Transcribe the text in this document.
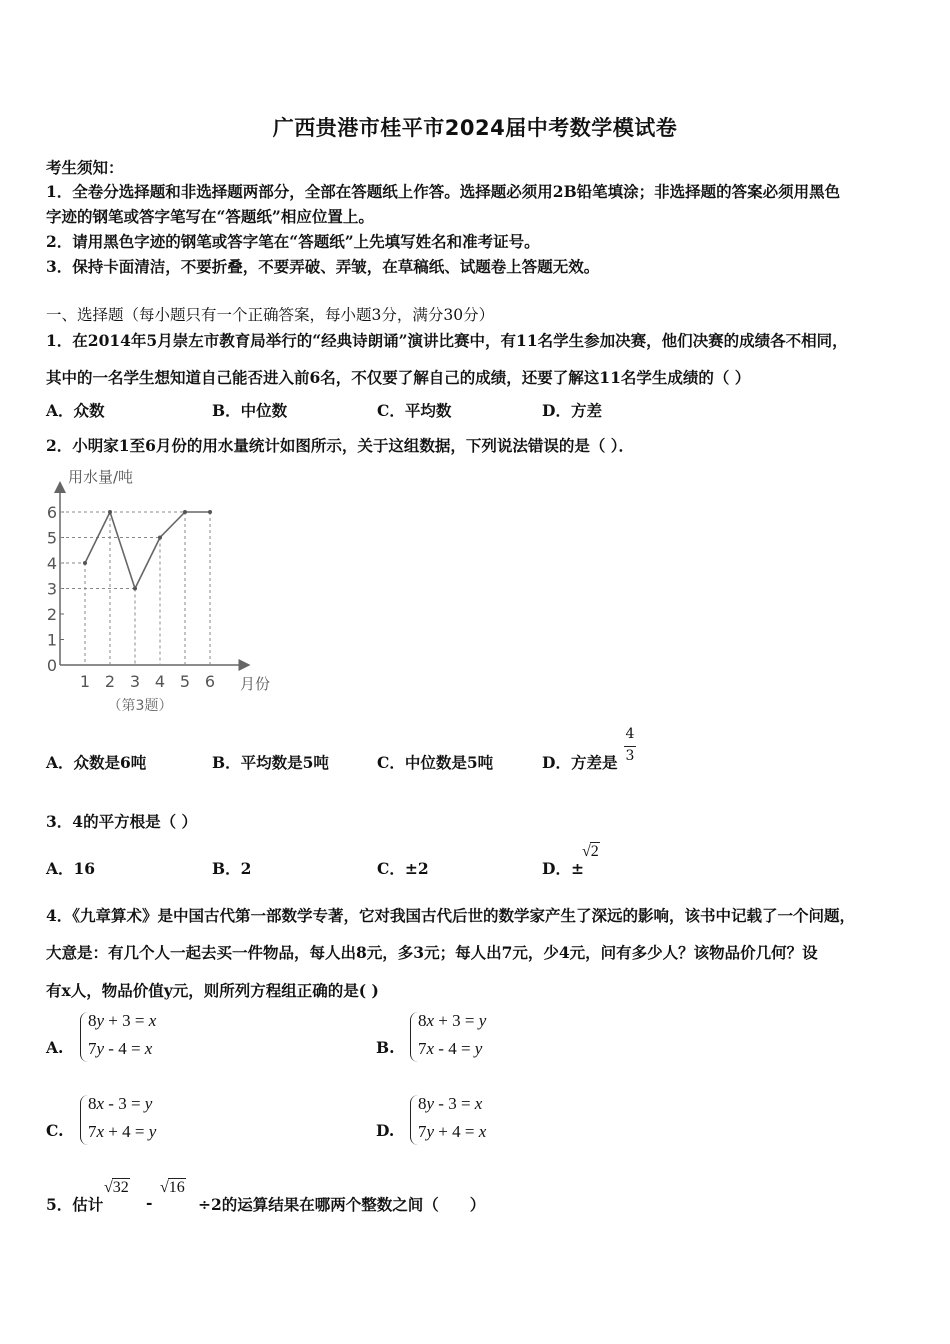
广西贵港市桂平市2024届中考数学模试卷
考生须知：
1．全卷分选择题和非选择题两部分，全部在答题纸上作答。选择题必须用2B铅笔填涂；非选择题的答案必须用黑色
字迹的钢笔或答字笔写在“答题纸”相应位置上。
2．请用黑色字迹的钢笔或答字笔在“答题纸”上先填写姓名和准考证号。
3．保持卡面清洁，不要折叠，不要弄破、弄皱，在草稿纸、试题卷上答题无效。
一、选择题（每小题只有一个正确答案，每小题3分，满分30分）
1．在2014年5月崇左市教育局举行的“经典诗朗诵”演讲比赛中，有11名学生参加决赛，他们决赛的成绩各不相同，
其中的一名学生想知道自己能否进入前6名，不仅要了解自己的成绩，还要了解这11名学生成绩的（ ）
A．众数	B．中位数	C．平均数	D．方差
2．小明家1至6月份的用水量统计如图所示，关于这组数据，下列说法错误的是（ ）．
1
2
3
4
5
6
0
1 2 3 4 5 6
用水量/吨
月份
（第3题）
A．众数是6吨	B．平均数是5吨	C．中位数是5吨	D．方差是
4
3
3．4的平方根是（ ）
A．16	B．2	C．±2	D．±
√2
4．《九章算术》是中国古代第一部数学专著，它对我国古代后世的数学家产生了深远的影响，该书中记载了一个问题，
大意是：有几个人一起去买一件物品，每人出8元，多3元；每人出7元，少4元，问有多少人？该物品价几何？设
有x人，物品价值y元，则所列方程组正确的是( )
A.
8y + 3 = x
7y - 4 = x	B.
8x + 3 = y
7x - 4 = y
C.
8x - 3 = y
7x + 4 = y	D.
8y - 3 = x
7y + 4 = x
5．估计
√32
-
√16
÷2的运算结果在哪两个整数之间（　　）
